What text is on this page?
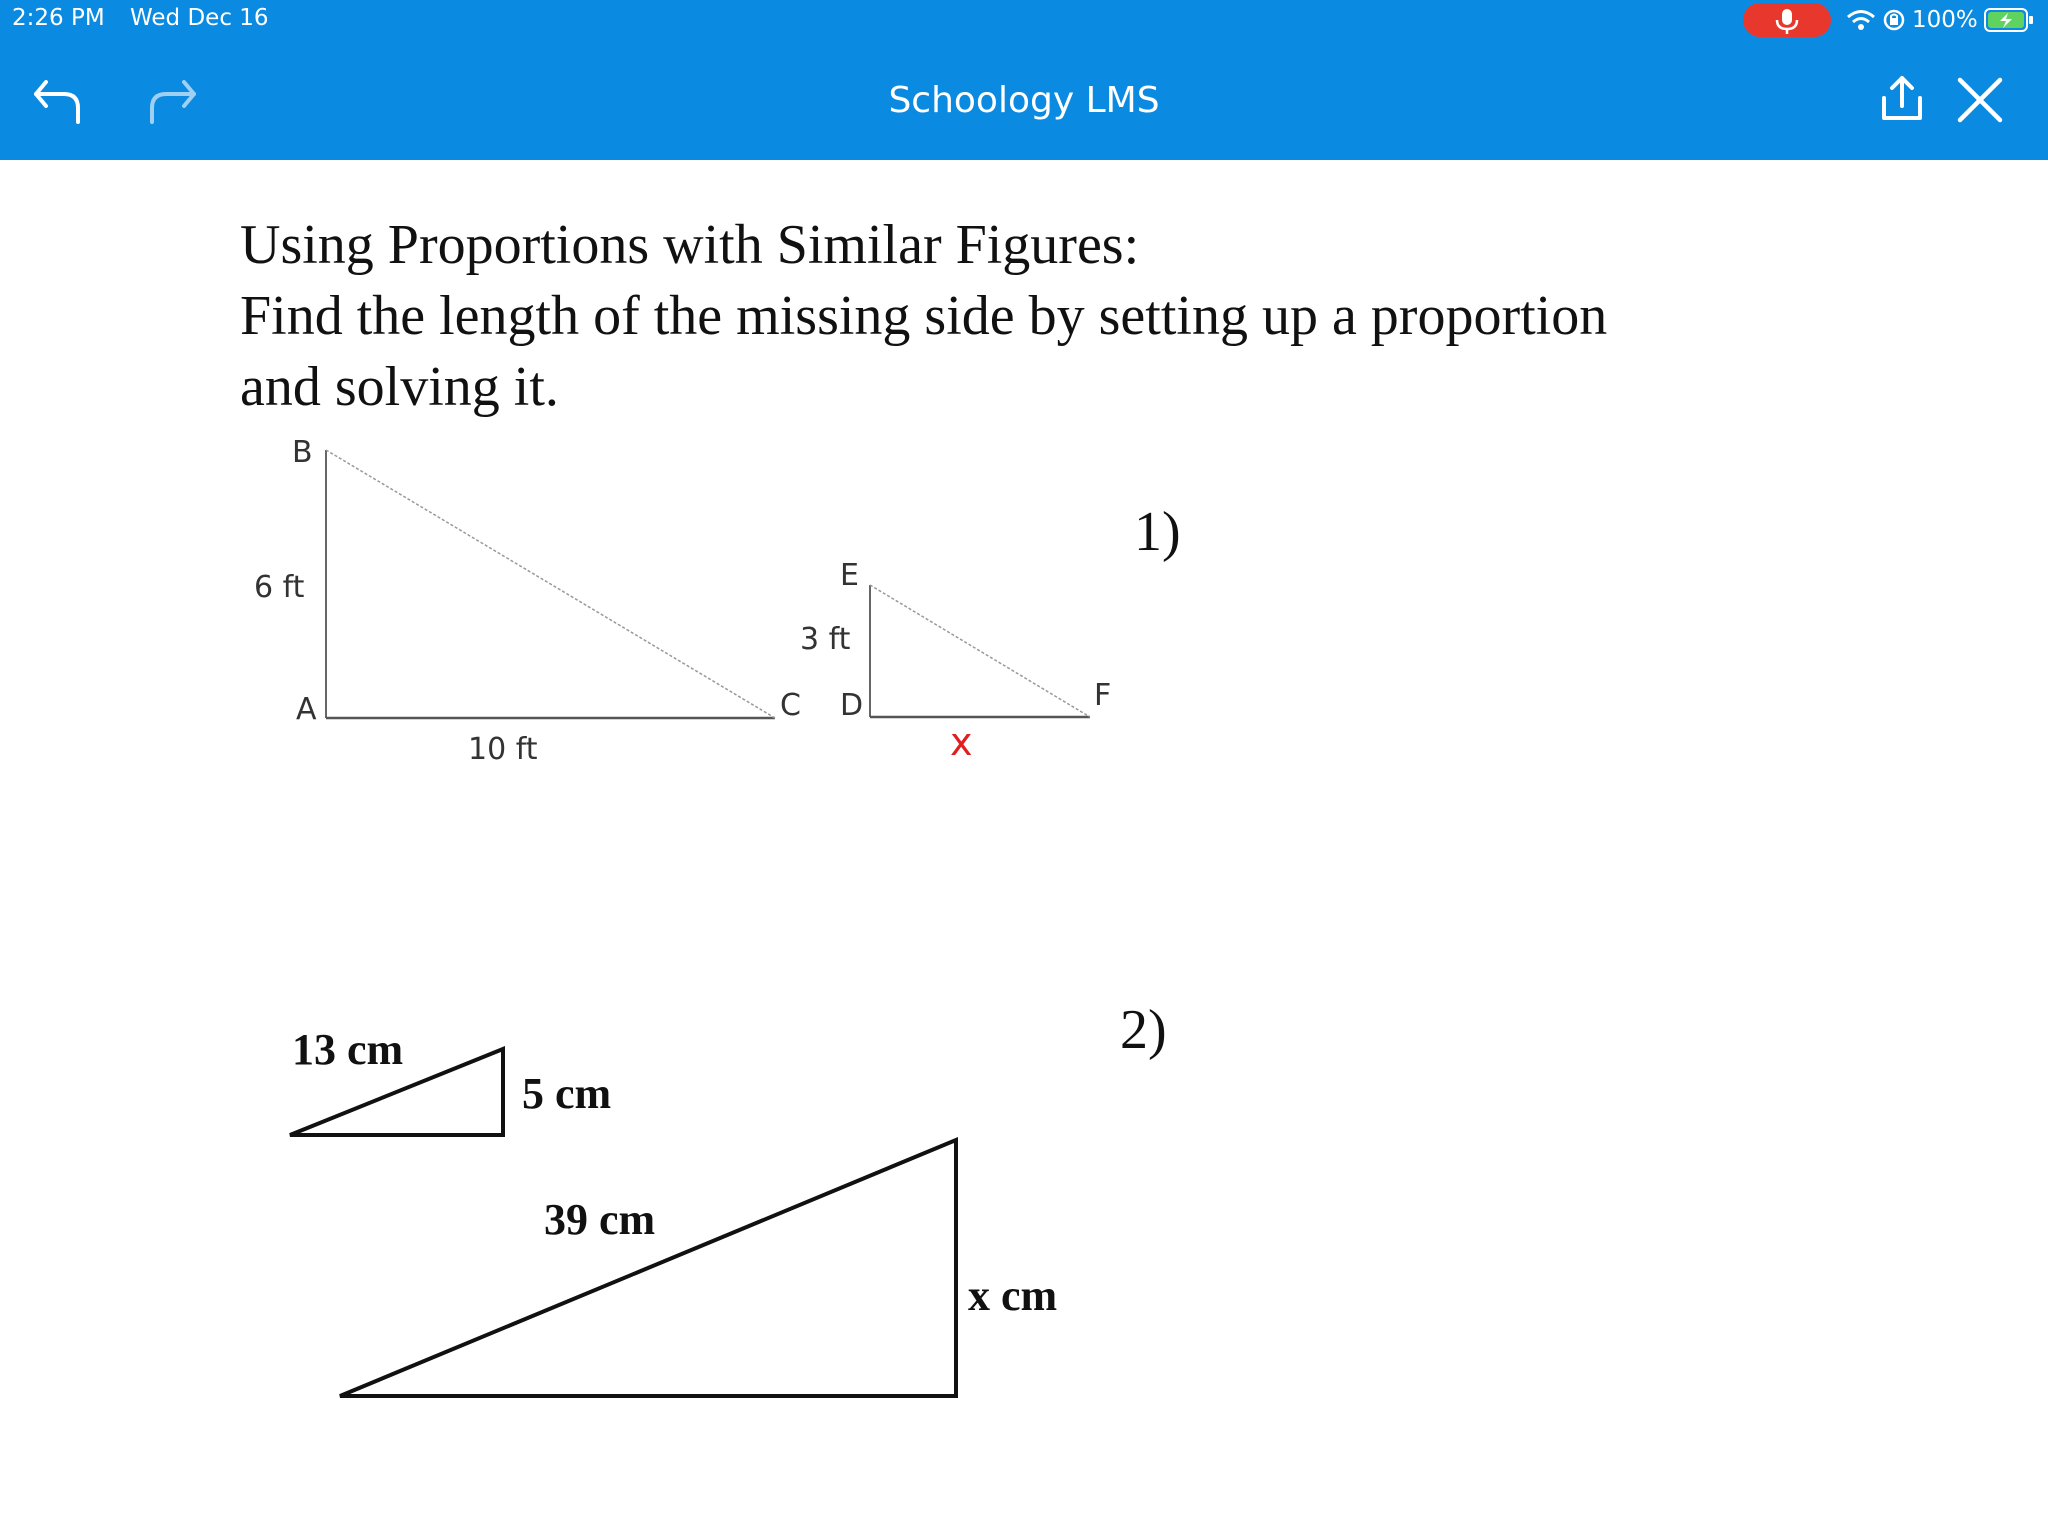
2:26 PM Wed Dec 16	100%
Schoology LMS
Using Proportions with Similar Figures:
Find the length of the missing side by setting up a proportion
and solving it.
1)
B
A	C D
E
F
6 ft
10 ft
3 ft
x
2)
13 cm
5 cm
39 cm
x cm
